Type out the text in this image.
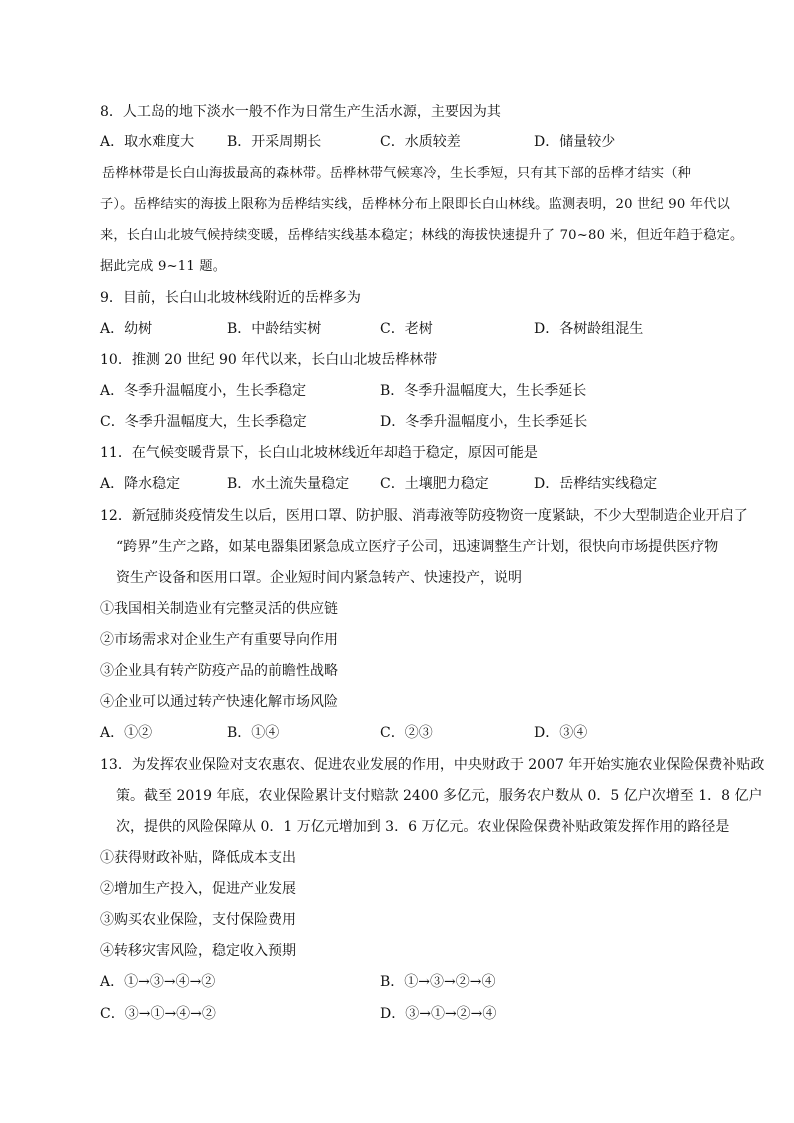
8．人工岛的地下淡水一般不作为日常生产生活水源，主要因为其
A．取水难度大 B．开采周期长	C．水质较差	D．储量较少
岳桦林带是长白山海拔最高的森林带。岳桦林带气候寒冷，生长季短，只有其下部的岳桦才结实（种
子）。岳桦结实的海拔上限称为岳桦结实线，岳桦林分布上限即长白山林线。监测表明，20 世纪 90 年代以
来，长白山北坡气候持续变暖，岳桦结实线基本稳定；林线的海拔快速提升了 70~80 米，但近年趋于稳定。
据此完成 9~11 题。
9．目前，长白山北坡林线附近的岳桦多为
A．幼树	B．中龄结实树	C．老树	D．各树龄组混生
10．推测 20 世纪 90 年代以来，长白山北坡岳桦林带
A．冬季升温幅度小，生长季稳定	B．冬季升温幅度大，生长季延长
C．冬季升温幅度大，生长季稳定	D．冬季升温幅度小，生长季延长
11．在气候变暖背景下，长白山北坡林线近年却趋于稳定，原因可能是
A．降水稳定	B．水土流失量稳定 C．土壤肥力稳定	D．岳桦结实线稳定
12．新冠肺炎疫情发生以后，医用口罩、防护服、消毒液等防疫物资一度紧缺，不少大型制造企业开启了
“跨界”生产之路，如某电器集团紧急成立医疗子公司，迅速调整生产计划，很快向市场提供医疗物
资生产设备和医用口罩。企业短时间内紧急转产、快速投产，说明
①我国相关制造业有完整灵活的供应链
②市场需求对企业生产有重要导向作用
③企业具有转产防疫产品的前瞻性战略
④企业可以通过转产快速化解市场风险
A．①②	B．①④	C．②③	D．③④
13．为发挥农业保险对支农惠农、促进农业发展的作用，中央财政于 2007 年开始实施农业保险保费补贴政
策。截至 2019 年底，农业保险累计支付赔款 2400 多亿元，服务农户数从 0．5 亿户次增至 1．8 亿户
次，提供的风险保障从 0．1 万亿元增加到 3．6 万亿元。农业保险保费补贴政策发挥作用的路径是
①获得财政补贴，降低成本支出
②增加生产投入，促进产业发展
③购买农业保险，支付保险费用
④转移灾害风险，稳定收入预期
A．①→③→④→②	B．①→③→②→④
C．③→①→④→②	D．③→①→②→④
